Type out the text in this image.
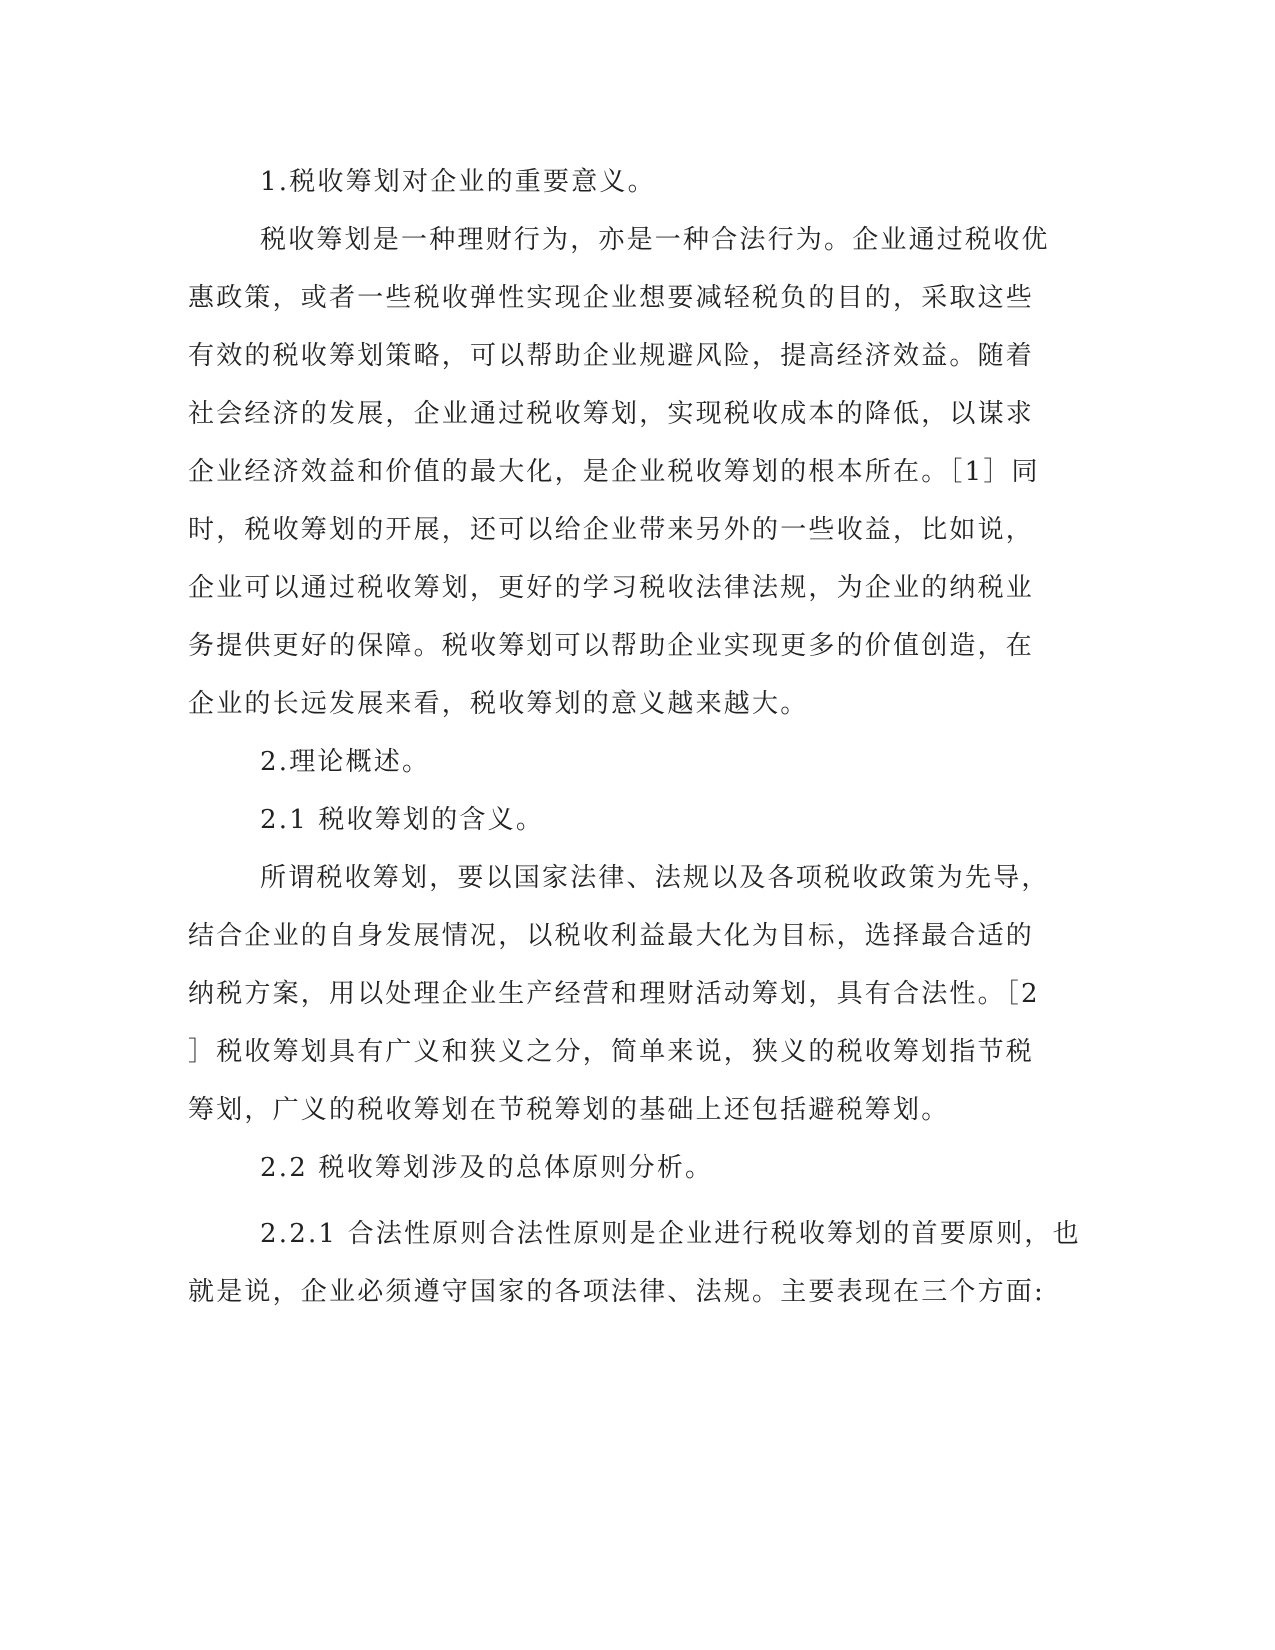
1.税收筹划对企业的重要意义。
税收筹划是一种理财行为，亦是一种合法行为。企业通过税收优
惠政策，或者一些税收弹性实现企业想要减轻税负的目的，采取这些
有效的税收筹划策略，可以帮助企业规避风险，提高经济效益。随着
社会经济的发展，企业通过税收筹划，实现税收成本的降低，以谋求
企业经济效益和价值的最大化，是企业税收筹划的根本所在。［1］同
时，税收筹划的开展，还可以给企业带来另外的一些收益，比如说，
企业可以通过税收筹划，更好的学习税收法律法规，为企业的纳税业
务提供更好的保障。税收筹划可以帮助企业实现更多的价值创造，在
企业的长远发展来看，税收筹划的意义越来越大。
2.理论概述。
2.1 税收筹划的含义。
所谓税收筹划，要以国家法律、法规以及各项税收政策为先导，
结合企业的自身发展情况，以税收利益最大化为目标，选择最合适的
纳税方案，用以处理企业生产经营和理财活动筹划，具有合法性。［2
］税收筹划具有广义和狭义之分，简单来说，狭义的税收筹划指节税
筹划，广义的税收筹划在节税筹划的基础上还包括避税筹划。
2.2 税收筹划涉及的总体原则分析。
2.2.1 合法性原则合法性原则是企业进行税收筹划的首要原则，也
就是说，企业必须遵守国家的各项法律、法规。主要表现在三个方面:
